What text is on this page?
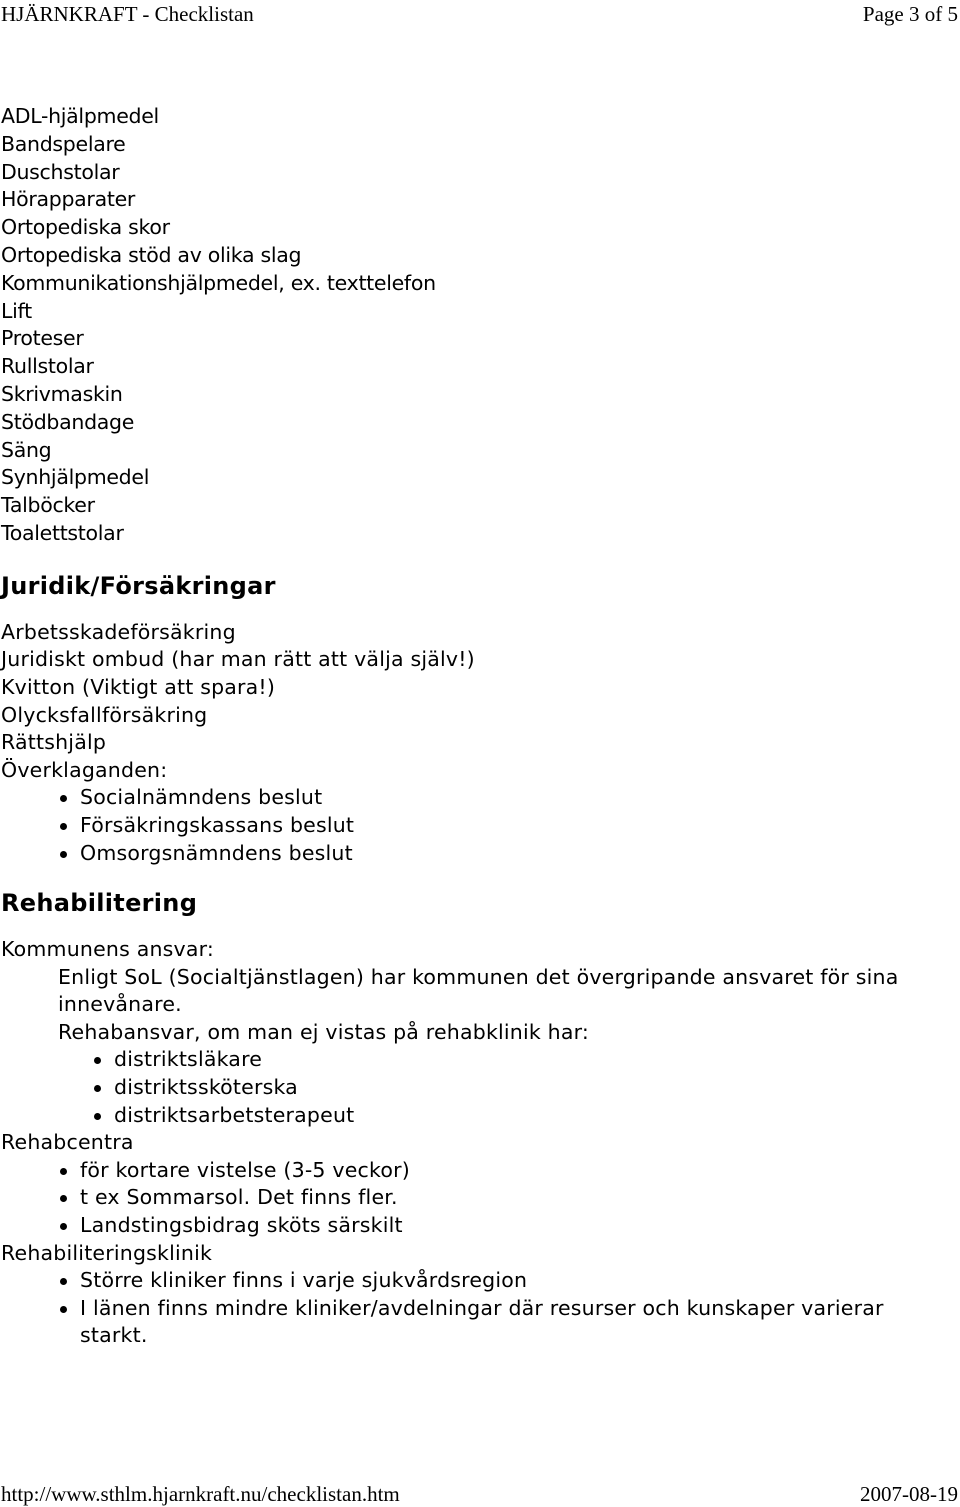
HJÄRNKRAFT - Checklistan	Page 3 of 5
ADL-hjälpmedel
Bandspelare
Duschstolar
Hörapparater
Ortopediska skor
Ortopediska stöd av olika slag
Kommunikationshjälpmedel, ex. texttelefon
Lift
Proteser
Rullstolar
Skrivmaskin
Stödbandage
Säng
Synhjälpmedel
Talböcker
Toalettstolar
Juridik/Försäkringar
Arbetsskadeförsäkring
Juridiskt ombud (har man rätt att välja själv!)
Kvitton (Viktigt att spara!)
Olycksfallförsäkring
Rättshjälp
Överklaganden:
Socialnämndens beslut
Försäkringskassans beslut
Omsorgsnämndens beslut
Rehabilitering
Kommunens ansvar:
Enligt SoL (Socialtjänstlagen) har kommunen det övergripande ansvaret för sina innevånare.
Rehabansvar, om man ej vistas på rehabklinik har:
distriktsläkare
distriktssköterska
distriktsarbetsterapeut
Rehabcentra
för kortare vistelse (3-5 veckor)
t ex Sommarsol. Det finns fler.
Landstingsbidrag sköts särskilt
Rehabiliteringsklinik
Större kliniker finns i varje sjukvårdsregion
I länen finns mindre kliniker/avdelningar där resurser och kunskaper varierar starkt.
http://www.sthlm.hjarnkraft.nu/checklistan.htm	2007-08-19
